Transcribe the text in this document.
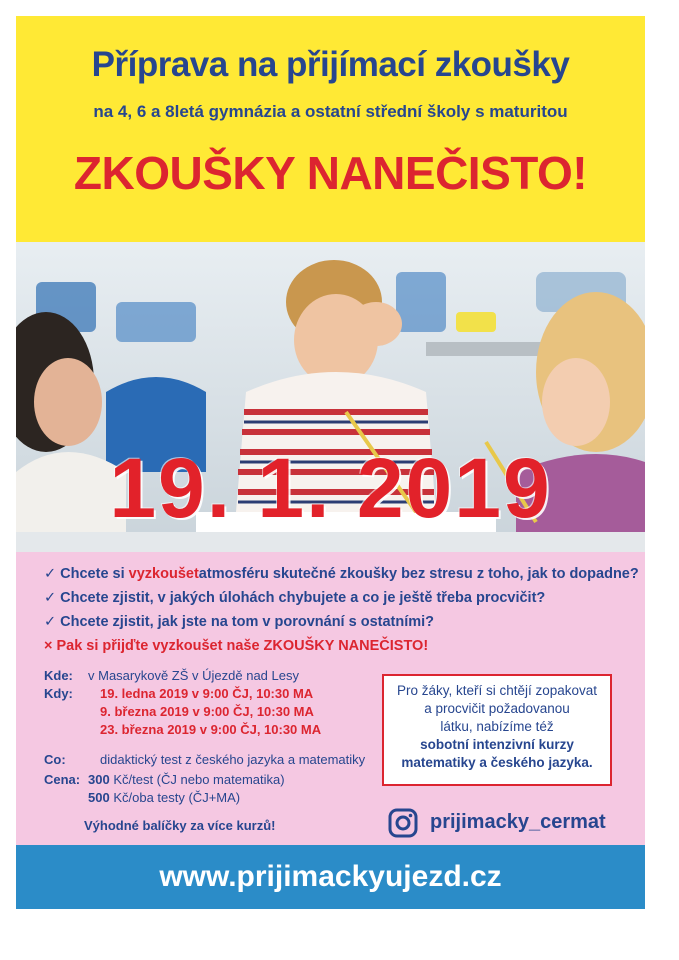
Příprava na přijímací zkoušky
na 4, 6 a 8letá gymnázia a ostatní střední školy s maturitou
ZKOUŠKY NANEČISTO!
19. 1. 2019
✓ Chcete si vyzkoušetatmosféru skutečné zkoušky bez stresu z toho, jak to dopadne?
✓ Chcete zjistit, v jakých úlohách chybujete a co je ještě třeba procvičit?
✓ Chcete zjistit, jak jste na tom v porovnání s ostatními?
× Pak si přijďte vyzkoušet naše ZKOUŠKY NANEČISTO!
Kde: v Masarykově ZŠ v Újezdě nad Lesy
Kdy: 19. ledna 2019 v 9:00 ČJ, 10:30 MA
9. března 2019 v 9:00 ČJ, 10:30 MA
23. března 2019 v 9:00 ČJ, 10:30 MA
Co:	didaktický test z českého jazyka a matematiky
Cena: 300 Kč/test (ČJ nebo matematika)
500 Kč/oba testy (ČJ+MA)
Výhodné balíčky za více kurzů!
Pro žáky, kteří si chtějí zopakovat
a procvičit požadovanou
látku, nabízíme též
sobotní intenzivní kurzy
matematiky a českého jazyka.
prijimacky_cermat
www.prijimackyujezd.cz
